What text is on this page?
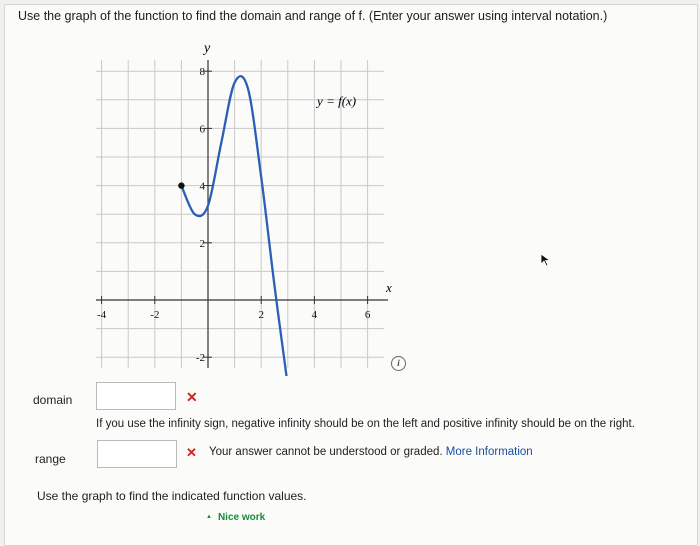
Use the graph of the function to find the domain and range of f. (Enter your answer using interval notation.)
-4	-2	2	4	6
8
6
4
2
-2
y
x
y = f(x)
i
domain	✕
If you use the infinity sign, negative infinity should be on the left and positive infinity should be on the right.
range	✕ Your answer cannot be understood or graded. More Information
Use the graph to find the indicated function values.
▲ Nice work
